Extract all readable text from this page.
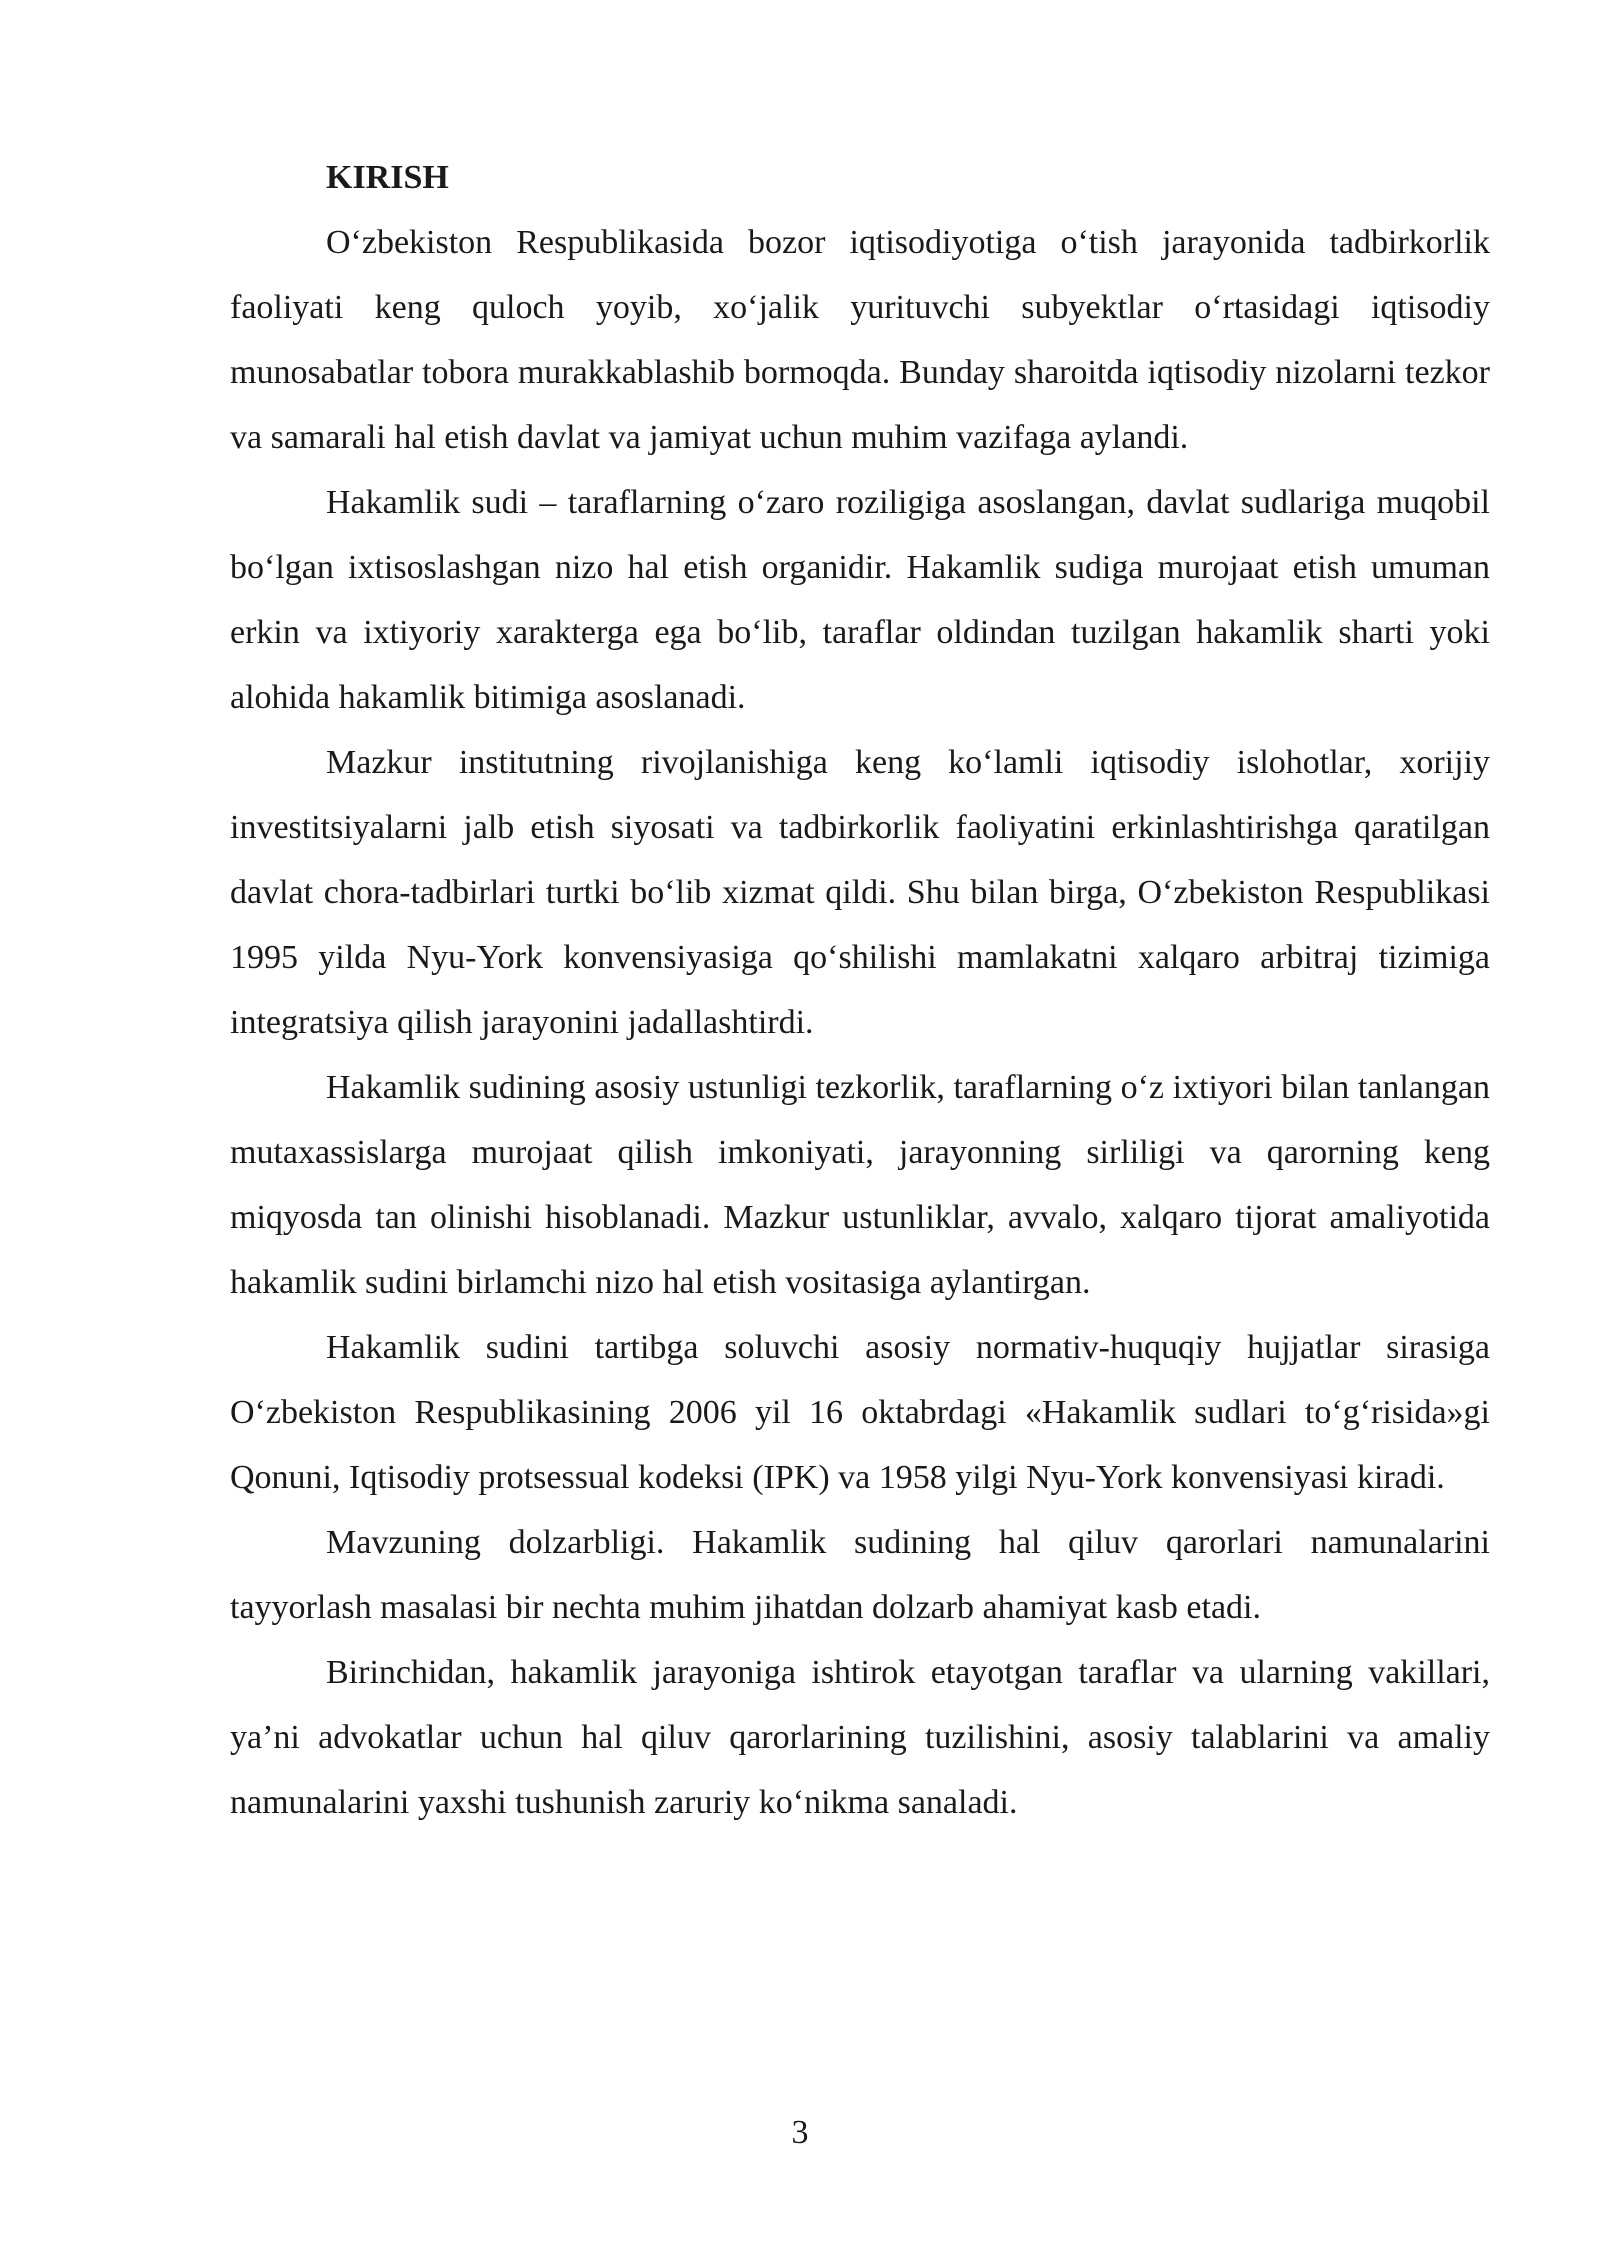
KIRISH

O‘zbekiston Respublikasida bozor iqtisodiyotiga o‘tish jarayonida tadbirkorlik faoliyati keng quloch yoyib, xo‘jalik yurituvchi subyektlar o‘rtasidagi iqtisodiy munosabatlar tobora murakkablashib bormoqda. Bunday sharoitda iqtisodiy nizolarni tezkor va samarali hal etish davlat va jamiyat uchun muhim vazifaga aylandi.

Hakamlik sudi – taraflarning o‘zaro roziligiga asoslangan, davlat sudlariga muqobil bo‘lgan ixtisoslashgan nizo hal etish organidir. Hakamlik sudiga murojaat etish umuman erkin va ixtiyoriy xarakterga ega bo‘lib, taraflar oldindan tuzilgan hakamlik sharti yoki alohida hakamlik bitimiga asoslanadi.

Mazkur institutning rivojlanishiga keng ko‘lamli iqtisodiy islohotlar, xorijiy investitsiyalarni jalb etish siyosati va tadbirkorlik faoliyatini erkinlashtirishga qaratilgan davlat chora-tadbirlari turtki bo‘lib xizmat qildi. Shu bilan birga, O‘zbekiston Respublikasi 1995 yilda Nyu-York konvensiyasiga qo‘shilishi mamlakatni xalqaro arbitraj tizimiga integratsiya qilish jarayonini jadallashtirdi.

Hakamlik sudining asosiy ustunligi tezkorlik, taraflarning o‘z ixtiyori bilan tanlangan mutaxassislarga murojaat qilish imkoniyati, jarayonning sirliligi va qarorning keng miqyosda tan olinishi hisoblanadi. Mazkur ustunliklar, avvalo, xalqaro tijorat amaliyotida hakamlik sudini birlamchi nizo hal etish vositasiga aylantirgan.

Hakamlik sudini tartibga soluvchi asosiy normativ-huquqiy hujjatlar sirasiga O‘zbekiston Respublikasining 2006 yil 16 oktabrdagi «Hakamlik sudlari to‘g‘risida»gi Qonuni, Iqtisodiy protsessual kodeksi (IPK) va 1958 yilgi Nyu-York konvensiyasi kiradi.

Mavzuning dolzarbligi. Hakamlik sudining hal qiluv qarorlari namunalarini tayyorlash masalasi bir nechta muhim jihatdan dolzarb ahamiyat kasb etadi.

Birinchidan, hakamlik jarayoniga ishtirok etayotgan taraflar va ularning vakillari, ya’ni advokatlar uchun hal qiluv qarorlarining tuzilishini, asosiy talablarini va amaliy namunalarini yaxshi tushunish zaruriy ko‘nikma sanaladi.

3
